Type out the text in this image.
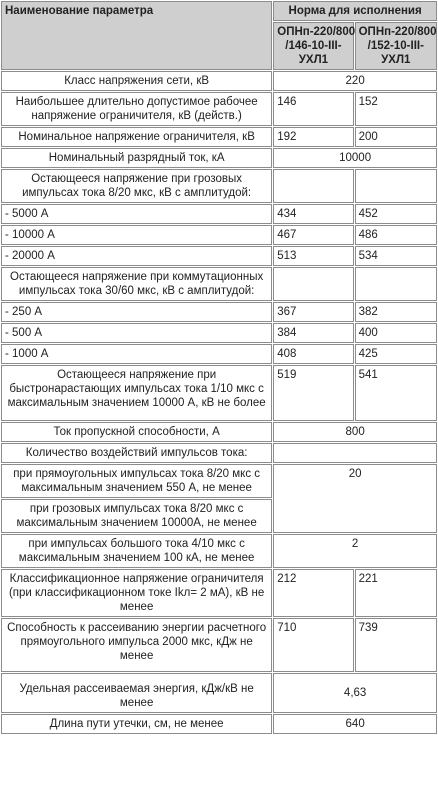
Наименование параметра	Норма для исполнения	
	ОПНп-220/800 /146-10-III-УХЛ1	ОПНп-220/800 /152-10-III-УХЛ1
Класс напряжения сети, кВ	220	
Наибольшее длительно допустимое рабочее напряжение ограничителя, кВ (действ.)	146	152
Номинальное напряжение ограничителя, кВ	192	200
Номинальный разрядный ток, кА	10000	
Остающееся напряжение при грозовых импульсах тока 8/20 мкс, кВ с амплитудой:		
- 5000 А	434	452
- 10000 А	467	486
- 20000 А	513	534
Остающееся напряжение при коммутационных импульсах тока 30/60 мкс, кВ с амплитудой:		
- 250 А	367	382
- 500 А	384	400
- 1000 А	408	425
Остающееся напряжение при быстронарастающих импульсах тока 1/10 мкс с максимальным значением 10000 А, кВ не более	519	541
Ток пропускной способности, А	800	
Количество воздействий импульсов тока:		
при прямоугольных импульсах тока 8/20 мкс с максимальным значением 550 А, не менее	20	
при грозовых импульсах тока 8/20 мкс с максимальным значением 10000А, не менее		
при импульсах большого тока 4/10 мкс с максимальным значением 100 кА, не менее	2	
Классификационное напряжение ограничителя (при классификационном токе Ikл= 2 мА), кВ не менее	212	221
Способность к рассеиванию энергии расчетного прямоугольного импульса 2000 мкс, кДж не менее	710	739
Удельная рассеиваемая энергия, кДж/кВ не менее	4,63	
Длина пути утечки, см, не менее	640	
